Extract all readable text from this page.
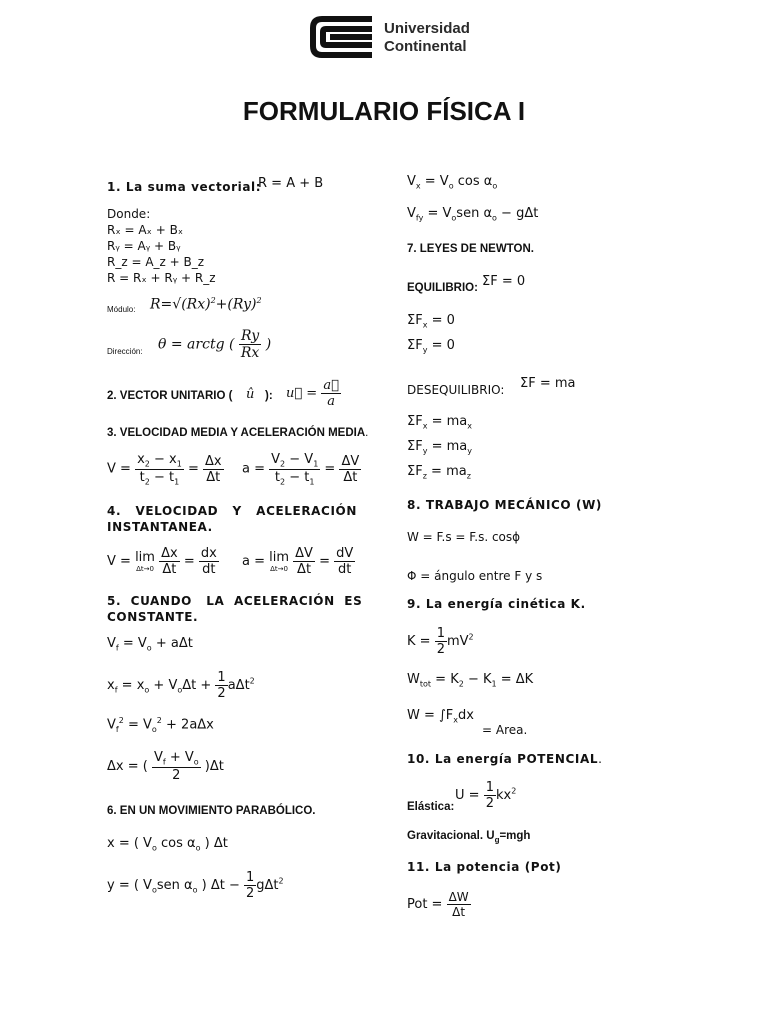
Universidad
Continental
FORMULARIO FÍSICA I
1. La suma vectorial:
R = A + B
Donde:
Rₓ = Aₓ + Bₓ
Rᵧ = Aᵧ + Bᵧ
R_z = A_z + B_z
R = Rₓ + Rᵧ + R_z
Módulo: $R=√(Rx)^2+(Ry)^2$
Dirección: θ = arctg ( $\frac{Ry}{Rx}$ )
2. VECTOR UNITARIO ( û ): u⃗ = $\frac{a⃗}{a}$
3. VELOCIDAD MEDIA Y ACELERACIÓN MEDIA.
$V = \frac{x_2 - x_1}{t_2 - t_1} = \frac{\Delta x}{\Delta t}$ $a = \frac{V_2 - V_1}{t_2 - t_1} = \frac{\Delta V}{\Delta t}$
4.   VELOCIDAD   Y   ACELERACIÓN
INSTANTANEA.
V = lim
Δt→0
$\frac{\Delta x}{\Delta t} = \frac{dx}{dt}$ a = lim
Δt→0
$\frac{\Delta V}{\Delta t} = \frac{dV}{dt}$
5.  CUANDO   LA  ACELERACIÓN  ES
CONSTANTE.
$V_f = V_o + a\Delta t$
$x_f = x_o + V_o\Delta t + \frac{1}{2} a\Delta t^2$
$V_f^2 = V_o^2 + 2a\Delta x$
Δx = ( $\frac{V_f + V_o}{2} )\Delta t$
6. EN UN MOVIMIENTO PARABÓLICO.
x = ( $V_o$ $\cos \alpha_o$ ) Δt
y = ( $V_osen$ $\alpha_o$ ) $\Delta t - \frac{1}{2} g\Delta t^2$
$V_x = V_o$ $\cos \alpha_o$
$V_{fy} = V_osen$ $\alpha_o - g\Delta t$
7. LEYES DE NEWTON.
EQUILIBRIO: ΣF = 0
$\Sigma F_x = 0$
$\Sigma F_y = 0$
DESEQUILIBRIO: ΣF = ma
$\Sigma F_x = ma_x$
$\Sigma F_y = ma_y$
$\Sigma F_z = ma_z$
8. TRABAJO MECÁNICO (W)
W = F.s = F.s. cosϕ
Φ = ángulo entre F y s
9. La energía cinética K.
$K = \frac{1}{2} mV^2$
$W_{tot} = K_2 - K_1 = \Delta K$
$W = \int F_xdx$
= Area.
10. La energía POTENCIAL.
Elástica:
$U = \frac{1}{2} kx^2$
Gravitacional. $U_g=mgh$
11. La potencia (Pot)
Pot = $\frac{\Delta W}{\Delta t}$
